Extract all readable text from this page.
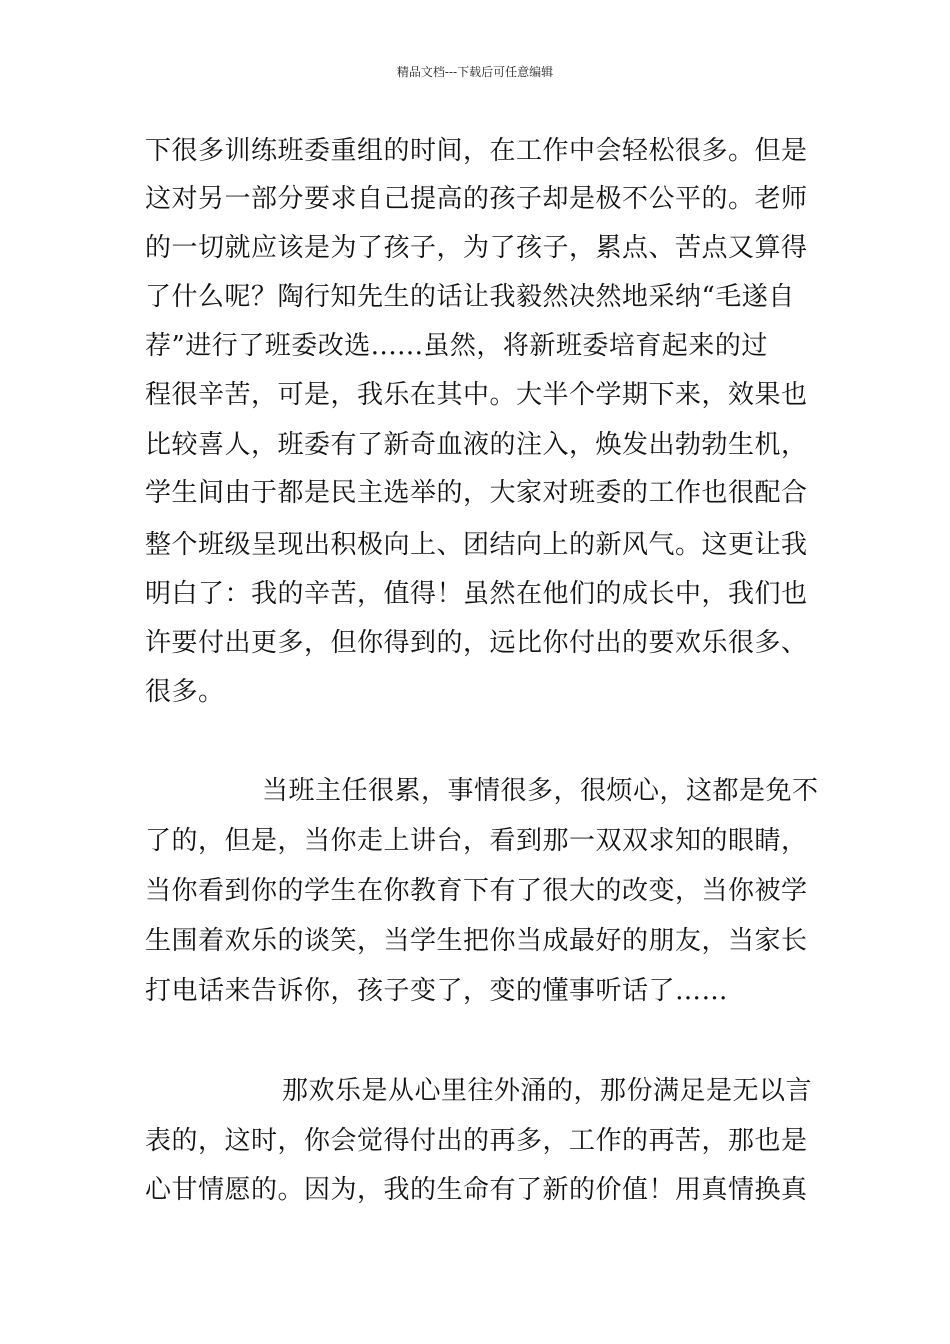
精品文档---下载后可任意编辑
下很多训练班委重组的时间，在工作中会轻松很多。但是
这对另一部分要求自己提高的孩子却是极不公平的。老师
的一切就应该是为了孩子，为了孩子，累点、苦点又算得
了什么呢？陶行知先生的话让我毅然决然地采纳“毛遂自
荐”进行了班委改选......虽然，将新班委培育起来的过
程很辛苦，可是，我乐在其中。大半个学期下来，效果也
比较喜人，班委有了新奇血液的注入，焕发出勃勃生机，
学生间由于都是民主选举的，大家对班委的工作也很配合
整个班级呈现出积极向上、团结向上的新风气。这更让我
明白了：我的辛苦，值得！虽然在他们的成长中，我们也
许要付出更多，但你得到的，远比你付出的要欢乐很多、
很多。
当班主任很累，事情很多，很烦心，这都是免不
了的，但是，当你走上讲台，看到那一双双求知的眼睛，
当你看到你的学生在你教育下有了很大的改变，当你被学
生围着欢乐的谈笑，当学生把你当成最好的朋友，当家长
打电话来告诉你，孩子变了，变的懂事听话了……
那欢乐是从心里往外涌的，那份满足是无以言
表的，这时，你会觉得付出的再多，工作的再苦，那也是
心甘情愿的。因为，我的生命有了新的价值！用真情换真
